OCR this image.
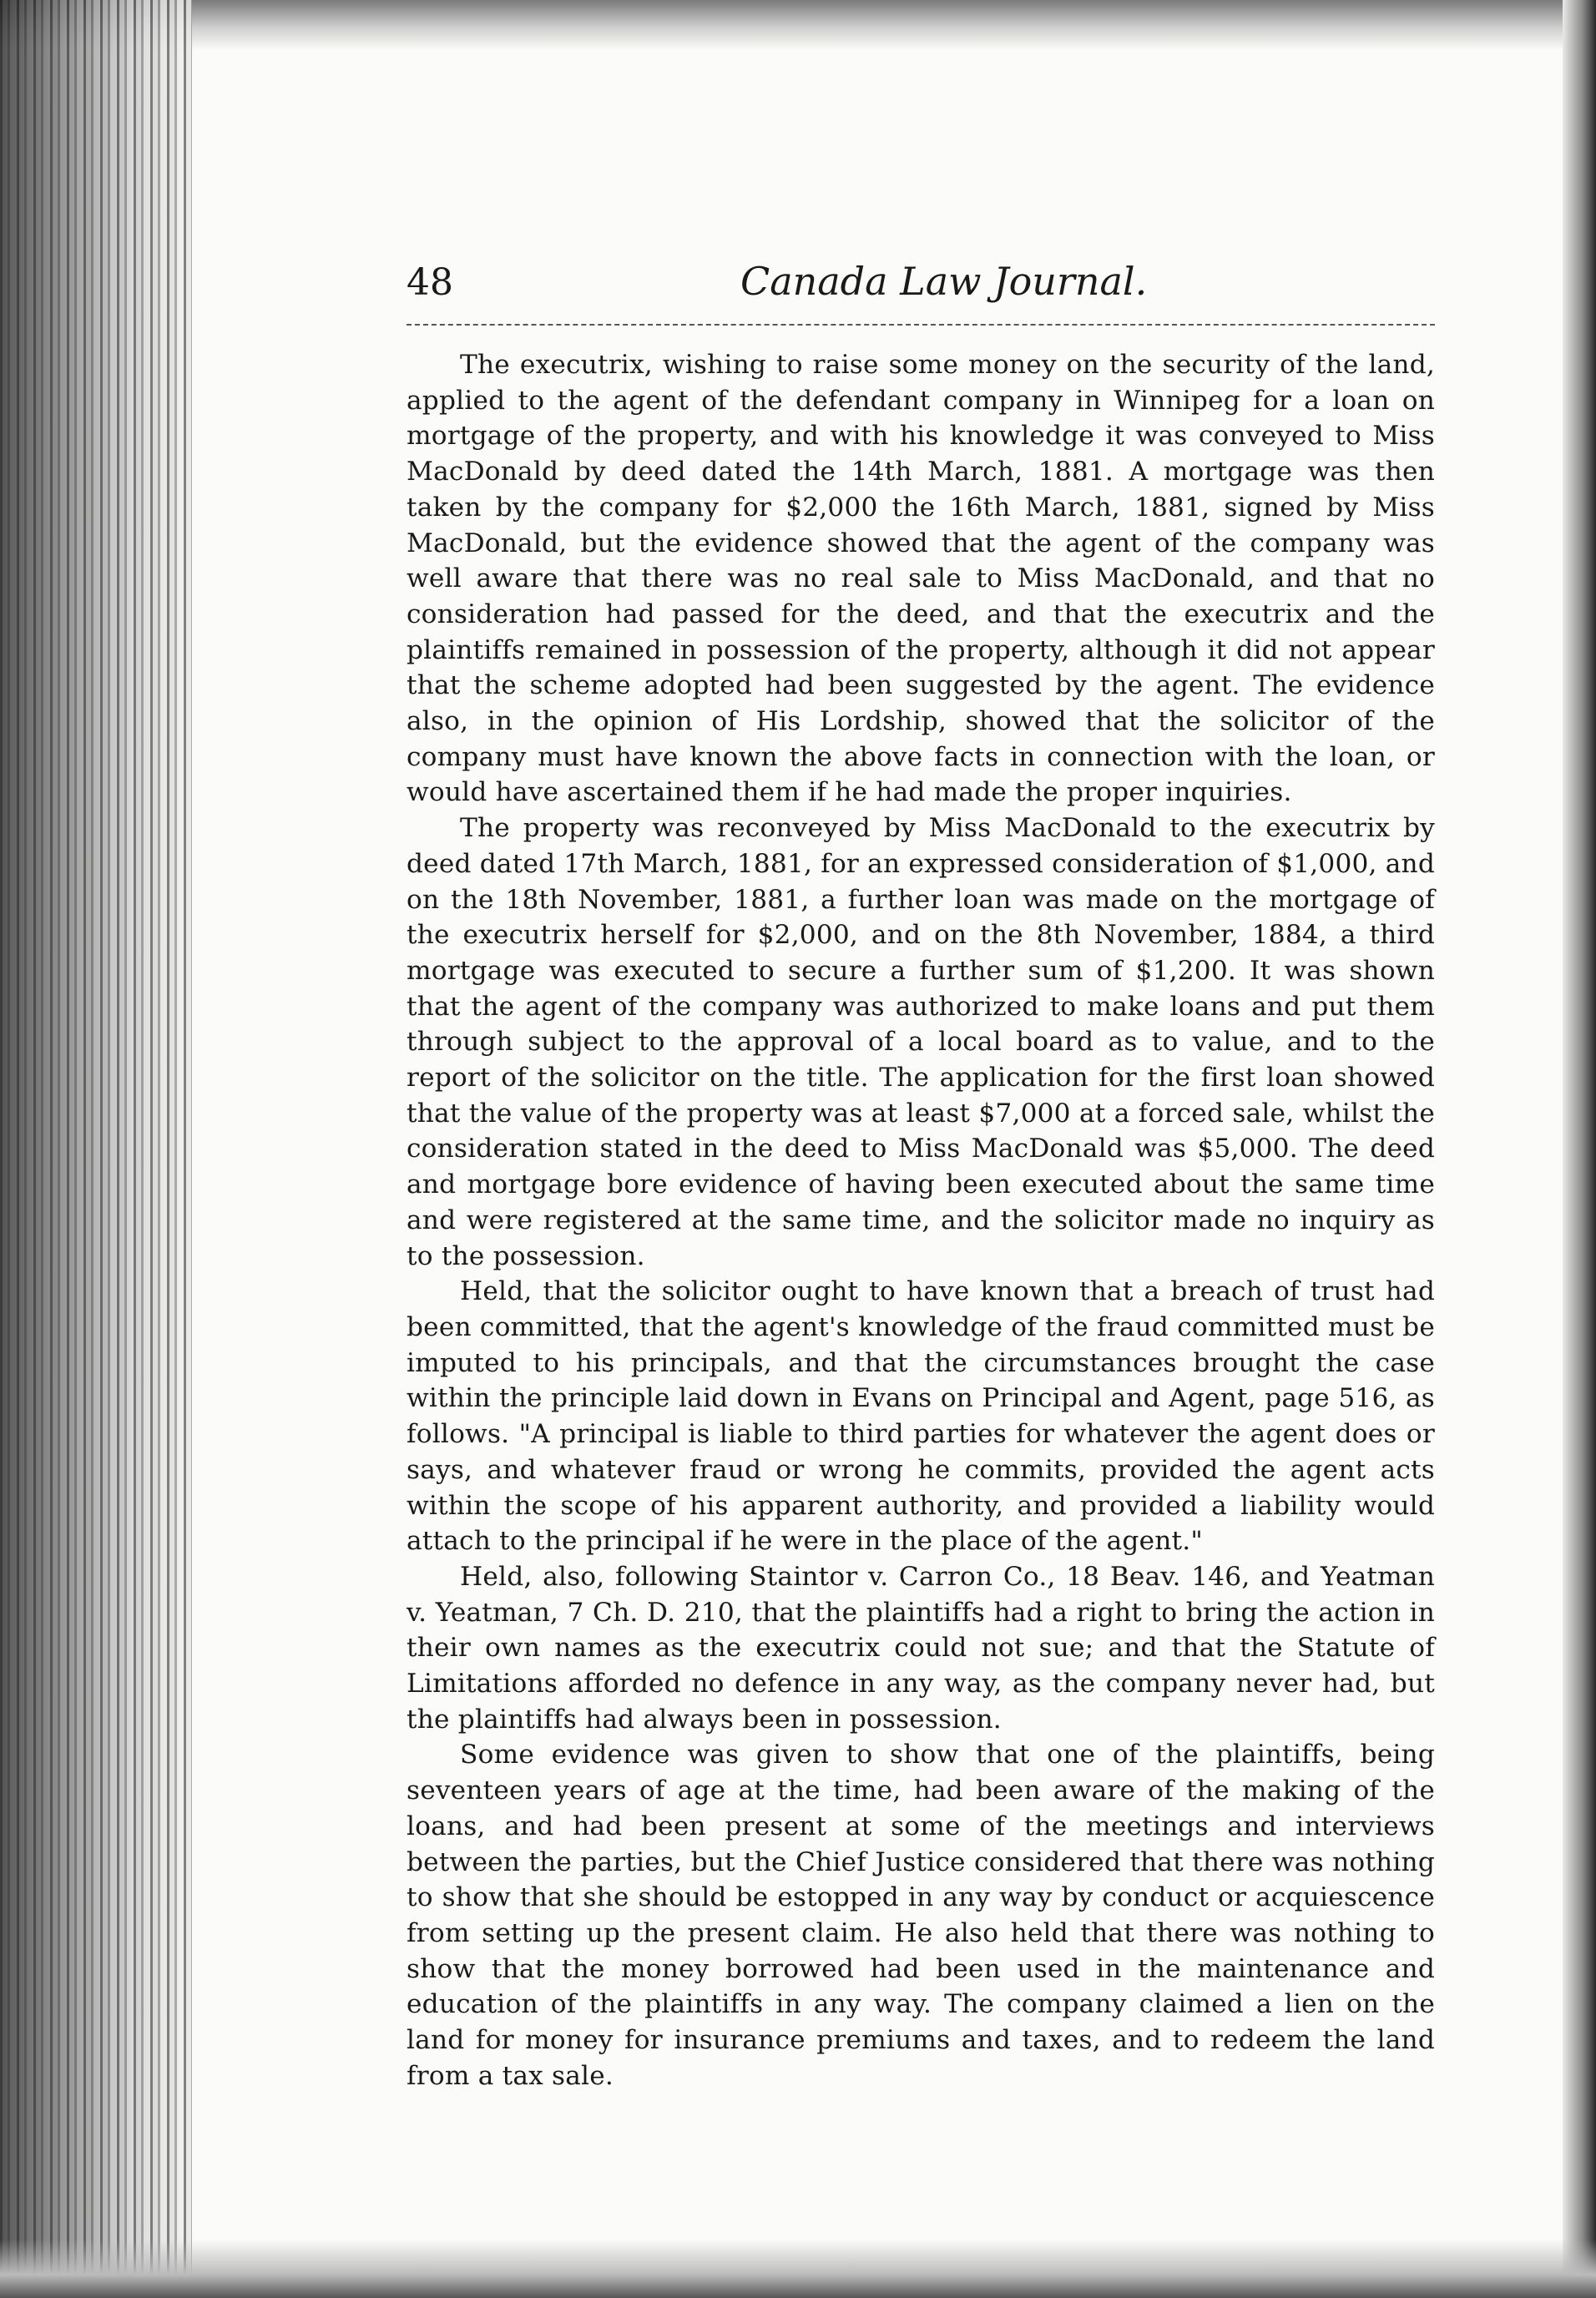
48	Canada Law Journal.

The executrix, wishing to raise some money on the security of the land, applied to the agent of the defendant company in Winnipeg for a loan on mortgage of the property, and with his knowledge it was conveyed to Miss MacDonald by deed dated the 14th March, 1881. A mortgage was then taken by the company for $2,000 the 16th March, 1881, signed by Miss MacDonald, but the evidence showed that the agent of the company was well aware that there was no real sale to Miss MacDonald, and that no consideration had passed for the deed, and that the executrix and the plaintiffs remained in possession of the property, although it did not appear that the scheme adopted had been suggested by the agent. The evidence also, in the opinion of His Lordship, showed that the solicitor of the company must have known the above facts in connection with the loan, or would have ascertained them if he had made the proper inquiries.

The property was reconveyed by Miss MacDonald to the executrix by deed dated 17th March, 1881, for an expressed consideration of $1,000, and on the 18th November, 1881, a further loan was made on the mortgage of the executrix herself for $2,000, and on the 8th November, 1884, a third mortgage was executed to secure a further sum of $1,200. It was shown that the agent of the company was authorized to make loans and put them through subject to the approval of a local board as to value, and to the report of the solicitor on the title. The application for the first loan showed that the value of the property was at least $7,000 at a forced sale, whilst the consideration stated in the deed to Miss MacDonald was $5,000. The deed and mortgage bore evidence of having been executed about the same time and were registered at the same time, and the solicitor made no inquiry as to the possession.

Held, that the solicitor ought to have known that a breach of trust had been committed, that the agent's knowledge of the fraud committed must be imputed to his principals, and that the circumstances brought the case within the principle laid down in Evans on Principal and Agent, page 516, as follows. "A principal is liable to third parties for whatever the agent does or says, and whatever fraud or wrong he commits, provided the agent acts within the scope of his apparent authority, and provided a liability would attach to the principal if he were in the place of the agent."

Held, also, following Staintor v. Carron Co., 18 Beav. 146, and Yeatman v. Yeatman, 7 Ch. D. 210, that the plaintiffs had a right to bring the action in their own names as the executrix could not sue; and that the Statute of Limitations afforded no defence in any way, as the company never had, but the plaintiffs had always been in possession.

Some evidence was given to show that one of the plaintiffs, being seventeen years of age at the time, had been aware of the making of the loans, and had been present at some of the meetings and interviews between the parties, but the Chief Justice considered that there was nothing to show that she should be estopped in any way by conduct or acquiescence from setting up the present claim. He also held that there was nothing to show that the money borrowed had been used in the maintenance and education of the plaintiffs in any way. The company claimed a lien on the land for money for insurance premiums and taxes, and to redeem the land from a tax sale.
